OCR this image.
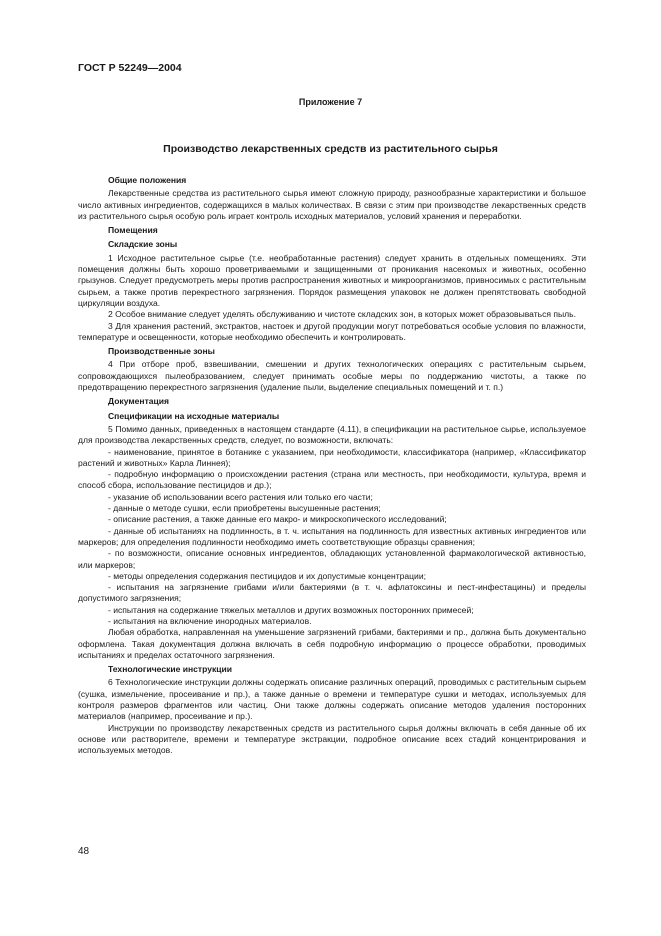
ГОСТ Р 52249—2004
Приложение 7
Производство лекарственных средств из растительного сырья
Общие положения

Лекарственные средства из растительного сырья имеют сложную природу, разнообразные характеристики и большое число активных ингредиентов, содержащихся в малых количествах. В связи с этим при производстве лекарственных средств из растительного сырья особую роль играет контроль исходных материалов, условий хранения и переработки.

Помещения
Складские зоны

1 Исходное растительное сырье (т.е. необработанные растения) следует хранить в отдельных помещениях. Эти помещения должны быть хорошо проветриваемыми и защищенными от проникания насекомых и животных, особенно грызунов. Следует предусмотреть меры против распространения животных и микроорганизмов, привносимых с растительным сырьем, а также против перекрестного загрязнения. Порядок размещения упаковок не должен препятствовать свободной циркуляции воздуха.

2 Особое внимание следует уделять обслуживанию и чистоте складских зон, в которых может образовываться пыль.

3 Для хранения растений, экстрактов, настоек и другой продукции могут потребоваться особые условия по влажности, температуре и освещенности, которые необходимо обеспечить и контролировать.

Производственные зоны

4 При отборе проб, взвешивании, смешении и других технологических операциях с растительным сырьем, сопровождающихся пылеобразованием, следует принимать особые меры по поддержанию чистоты, а также по предотвращению перекрестного загрязнения (удаление пыли, выделение специальных помещений и т. п.)

Документация
Спецификации на исходные материалы

5 Помимо данных, приведенных в настоящем стандарте (4.11), в спецификации на растительное сырье, используемое для производства лекарственных средств, следует, по возможности, включать:

- наименование, принятое в ботанике с указанием, при необходимости, классификатора (например, «Классификатор растений и животных» Карла Линнея);

- подробную информацию о происхождении растения (страна или местность, при необходимости, культура, время и способ сбора, использование пестицидов и др.);

- указание об использовании всего растения или только его части;

- данные о методе сушки, если приобретены высушенные растения;

- описание растения, а также данные его макро- и микроскопического исследований;

- данные об испытаниях на подлинность, в т. ч. испытания на подлинность для известных активных ингредиентов или маркеров; для определения подлинности необходимо иметь соответствующие образцы сравнения;

- по возможности, описание основных ингредиентов, обладающих установленной фармакологической активностью, или маркеров;

- методы определения содержания пестицидов и их допустимые концентрации;

- испытания на загрязнение грибами и/или бактериями (в т. ч. афлатоксины и пест-инфестацины) и пределы допустимого загрязнения;

- испытания на содержание тяжелых металлов и других возможных посторонних примесей;

- испытания на включение инородных материалов.

Любая обработка, направленная на уменьшение загрязнений грибами, бактериями и пр., должна быть документально оформлена. Такая документация должна включать в себя подробную информацию о процессе обработки, проводимых испытаниях и пределах остаточного загрязнения.

Технологические инструкции

6 Технологические инструкции должны содержать описание различных операций, проводимых с растительным сырьем (сушка, измельчение, просеивание и пр.), а также данные о времени и температуре сушки и методах, используемых для контроля размеров фрагментов или частиц. Они также должны содержать описание методов удаления посторонних материалов (например, просеивание и пр.).

Инструкции по производству лекарственных средств из растительного сырья должны включать в себя данные об их основе или растворителе, времени и температуре экстракции, подробное описание всех стадий концентрирования и используемых методов.

48
